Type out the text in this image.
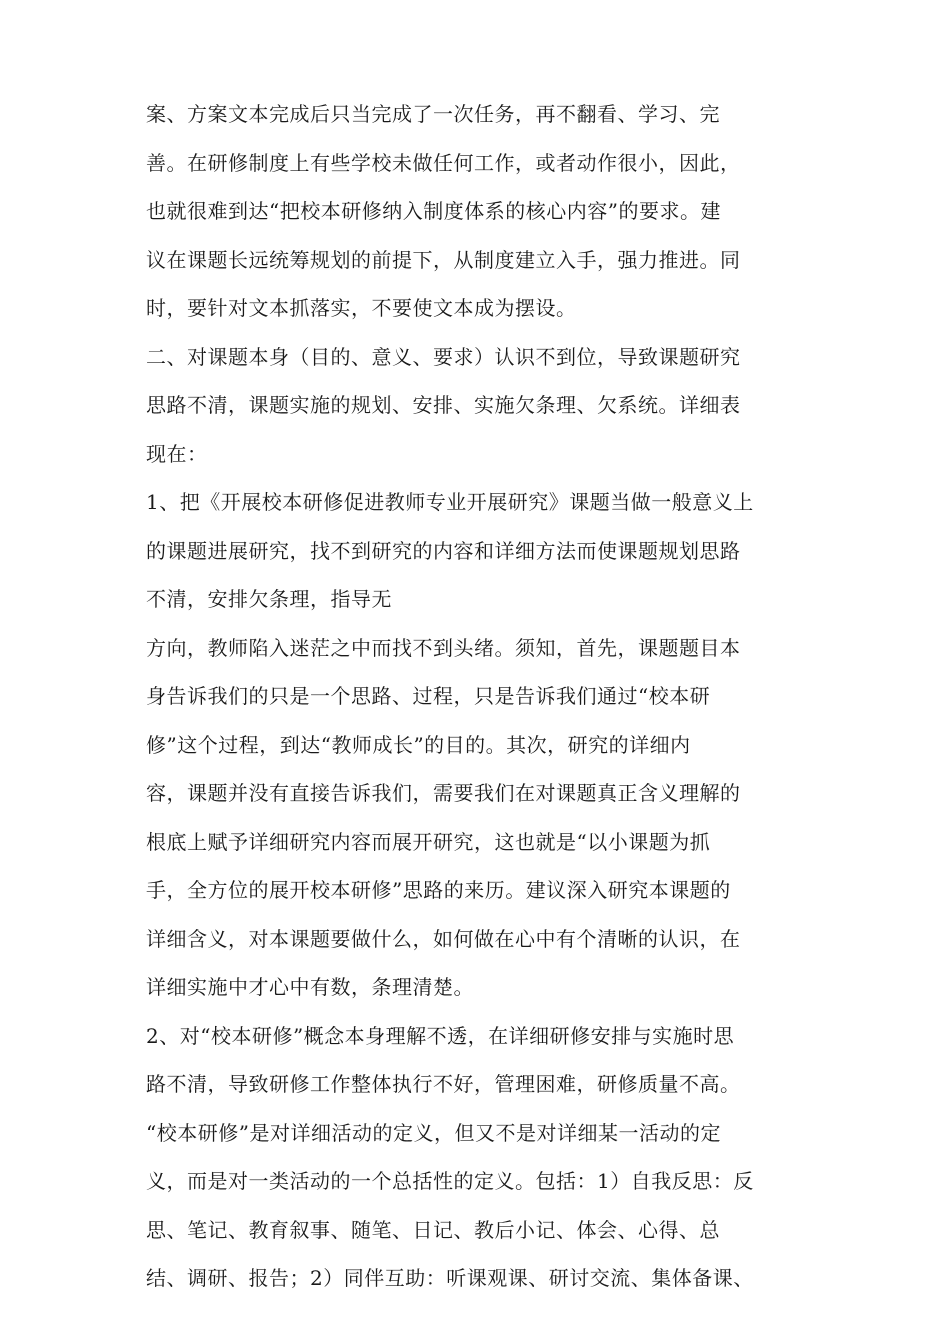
案、方案文本完成后只当完成了一次任务，再不翻看、学习、完
善。在研修制度上有些学校未做任何工作，或者动作很小，因此，
也就很难到达“把校本研修纳入制度体系的核心内容”的要求。建
议在课题长远统筹规划的前提下，从制度建立入手，强力推进。同
时，要针对文本抓落实，不要使文本成为摆设。
二、对课题本身（目的、意义、要求）认识不到位，导致课题研究
思路不清，课题实施的规划、安排、实施欠条理、欠系统。详细表
现在：
1、把《开展校本研修促进教师专业开展研究》课题当做一般意义上
的课题进展研究，找不到研究的内容和详细方法而使课题规划思路
不清，安排欠条理，指导无
方向，教师陷入迷茫之中而找不到头绪。须知，首先，课题题目本
身告诉我们的只是一个思路、过程，只是告诉我们通过“校本研
修”这个过程，到达“教师成长”的目的。其次，研究的详细内
容，课题并没有直接告诉我们，需要我们在对课题真正含义理解的
根底上赋予详细研究内容而展开研究，这也就是“以小课题为抓
手，全方位的展开校本研修”思路的来历。建议深入研究本课题的
详细含义，对本课题要做什么，如何做在心中有个清晰的认识，在
详细实施中才心中有数，条理清楚。
2、对“校本研修”概念本身理解不透，在详细研修安排与实施时思
路不清，导致研修工作整体执行不好，管理困难，研修质量不高。
“校本研修”是对详细活动的定义，但又不是对详细某一活动的定
义，而是对一类活动的一个总括性的定义。包括：1）自我反思：反
思、笔记、教育叙事、随笔、日记、教后小记、体会、心得、总
结、调研、报告；2）同伴互助：听课观课、研讨交流、集体备课、
